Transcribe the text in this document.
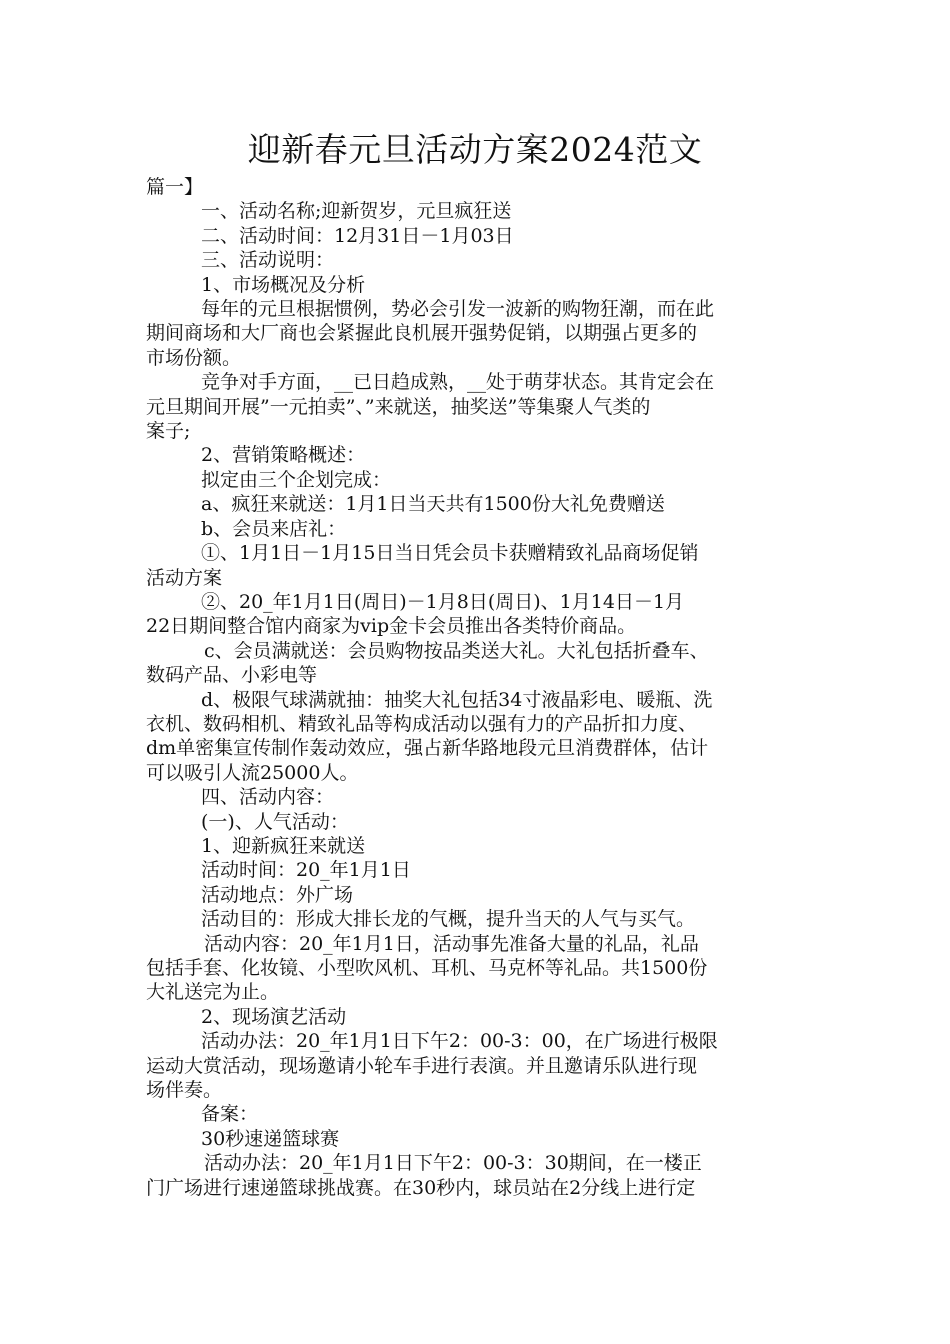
迎新春元旦活动方案2024范文

篇一】

一、活动名称;迎新贺岁，元旦疯狂送

二、活动时间：12月31日－1月03日

三、活动说明：

1、市场概况及分析

每年的元旦根据惯例，势必会引发一波新的购物狂潮，而在此

期间商场和大厂商也会紧握此良机展开强势促销，以期强占更多的

市场份额。

竞争对手方面，__已日趋成熟，__处于萌芽状态。其肯定会在

元旦期间开展”一元拍卖”、”来就送，抽奖送”等集聚人气类的

案子;

2、营销策略概述：

拟定由三个企划完成：

a、疯狂来就送：1月1日当天共有1500份大礼免费赠送

b、会员来店礼：

①、1月1日－1月15日当日凭会员卡获赠精致礼品商场促销

活动方案

②、20_年1月1日(周日)－1月8日(周日)、1月14日－1月

22日期间整合馆内商家为vip金卡会员推出各类特价商品。

c、会员满就送：会员购物按品类送大礼。大礼包括折叠车、

数码产品、小彩电等

d、极限气球满就抽：抽奖大礼包括34寸液晶彩电、暖瓶、洗

衣机、数码相机、精致礼品等构成活动以强有力的产品折扣力度、

dm单密集宣传制作轰动效应，强占新华路地段元旦消费群体，估计

可以吸引人流25000人。

四、活动内容：

(一)、人气活动：

1、迎新疯狂来就送

活动时间：20_年1月1日

活动地点：外广场

活动目的：形成大排长龙的气概，提升当天的人气与买气。

活动内容：20_年1月1日，活动事先准备大量的礼品，礼品

包括手套、化妆镜、小型吹风机、耳机、马克杯等礼品。共1500份

大礼送完为止。

2、现场演艺活动

活动办法：20_年1月1日下午2：00-3：00，在广场进行极限

运动大赏活动，现场邀请小轮车手进行表演。并且邀请乐队进行现

场伴奏。

备案：

30秒速递篮球赛

活动办法：20_年1月1日下午2：00-3：30期间，在一楼正

门广场进行速递篮球挑战赛。在30秒内，球员站在2分线上进行定
